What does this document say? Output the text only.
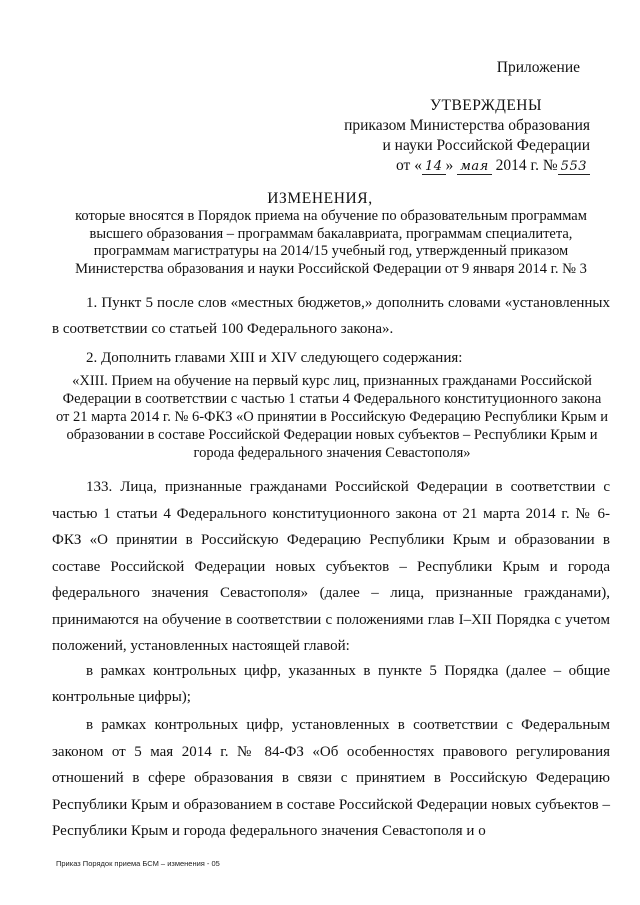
Приложение
УТВЕРЖДЕНЫ
приказом Министерства образования
и науки Российской Федерации
от « 14 » мая 2014 г. № 553
ИЗМЕНЕНИЯ,
которые вносятся в Порядок приема на обучение по образовательным программам высшего образования – программам бакалавриата, программам специалитета, программам магистратуры на 2014/15 учебный год, утвержденный приказом Министерства образования и науки Российской Федерации от 9 января 2014 г. № 3
1. Пункт 5 после слов «местных бюджетов,» дополнить словами «установленных в соответствии со статьей 100 Федерального закона».
2. Дополнить главами XIII и XIV следующего содержания:
«XIII. Прием на обучение на первый курс лиц, признанных гражданами Российской Федерации в соответствии с частью 1 статьи 4 Федерального конституционного закона от 21 марта 2014 г. № 6-ФКЗ «О принятии в Российскую Федерацию Республики Крым и образовании в составе Российской Федерации новых субъектов – Республики Крым и города федерального значения Севастополя»
133. Лица, признанные гражданами Российской Федерации в соответствии с частью 1 статьи 4 Федерального конституционного закона от 21 марта 2014 г. № 6-ФКЗ «О принятии в Российскую Федерацию Республики Крым и образовании в составе Российской Федерации новых субъектов – Республики Крым и города федерального значения Севастополя» (далее – лица, признанные гражданами), принимаются на обучение в соответствии с положениями глав I–XII Порядка с учетом положений, установленных настоящей главой:
в рамках контрольных цифр, указанных в пункте 5 Порядка (далее – общие контрольные цифры);
в рамках контрольных цифр, установленных в соответствии с Федеральным законом от 5 мая 2014 г. № 84-ФЗ «Об особенностях правового регулирования отношений в сфере образования в связи с принятием в Российскую Федерацию Республики Крым и образованием в составе Российской Федерации новых субъектов – Республики Крым и города федерального значения Севастополя и о
Приказ Порядок приема БСМ – изменения - 05
